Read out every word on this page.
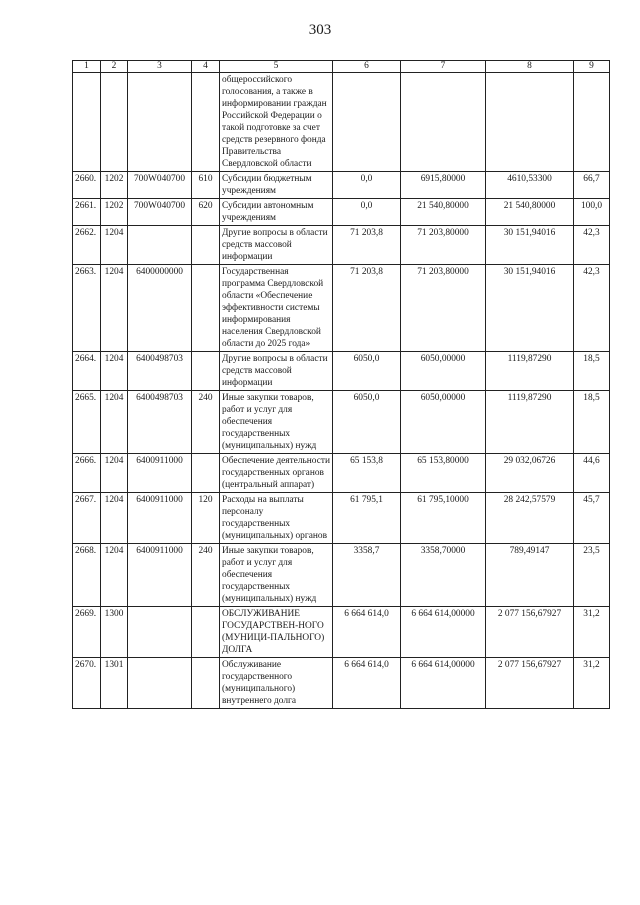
303
1	2	3	4	5	6	7	8	9
				общероссийского голосования, а также в информировании граждан Российской Федерации о такой подготовке за счет средств резервного фонда Правительства Свердловской области				
2660.	1202	700W040700	610	Субсидии бюджетным учреждениям	0,0	6915,80000	4610,53300	66,7
2661.	1202	700W040700	620	Субсидии автономным учреждениям	0,0	21 540,80000	21 540,80000	100,0
2662.	1204			Другие вопросы в области средств массовой информации	71 203,8	71 203,80000	30 151,94016	42,3
2663.	1204	6400000000		Государственная программа Свердловской области «Обеспечение эффективности системы информирования населения Свердловской области до 2025 года»	71 203,8	71 203,80000	30 151,94016	42,3
2664.	1204	6400498703		Другие вопросы в области средств массовой информации	6050,0	6050,00000	1119,87290	18,5
2665.	1204	6400498703	240	Иные закупки товаров, работ и услуг для обеспечения государственных (муниципальных) нужд	6050,0	6050,00000	1119,87290	18,5
2666.	1204	6400911000		Обеспечение деятельности государственных органов (центральный аппарат)	65 153,8	65 153,80000	29 032,06726	44,6
2667.	1204	6400911000	120	Расходы на выплаты персоналу государственных (муниципальных) органов	61 795,1	61 795,10000	28 242,57579	45,7
2668.	1204	6400911000	240	Иные закупки товаров, работ и услуг для обеспечения государственных (муниципальных) нужд	3358,7	3358,70000	789,49147	23,5
2669.	1300			ОБСЛУЖИВАНИЕ ГОСУДАРСТВЕН-НОГО (МУНИЦИ-ПАЛЬНОГО) ДОЛГА	6 664 614,0	6 664 614,00000	2 077 156,67927	31,2
2670.	1301			Обслуживание государственного (муниципального) внутреннего долга	6 664 614,0	6 664 614,00000	2 077 156,67927	31,2
